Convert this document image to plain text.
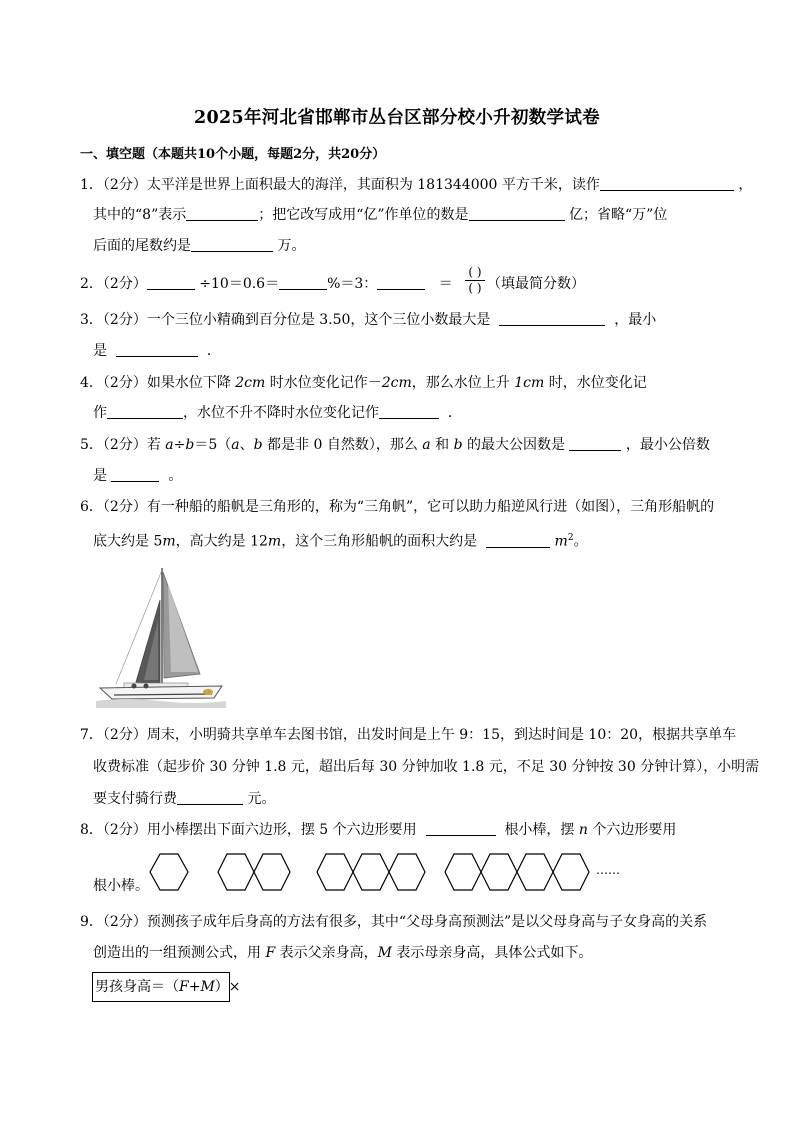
2025年河北省邯郸市丛台区部分校小升初数学试卷
一、填空题（本题共10个小题，每题2分，共20分）
1．（2分）太平洋是世界上面积最大的海洋，其面积为 181344000 平方千米，读作	，
其中的“8”表示	；把它改写成用“亿”作单位的数是	亿；省略“万”位
后面的尾数约是	万。
2．（2分）	÷10＝0.6＝	%＝3：	＝
( )
( ) （填最简分数）
3．（2分）一个三位小精确到百分位是 3.50，这个三位小数最大是	，最小
是	．
4．（2分）如果水位下降 2cm 时水位变化记作－2cm，那么水位上升 1cm 时，水位变化记
作	，水位不升不降时水位变化记作	．
5．（2分）若 a÷b＝5（a、b 都是非 0 自然数），那么 a 和 b 的最大公因数是	，最小公倍数
是	。
6．（2分）有一种船的船帆是三角形的，称为“三角帆”，它可以助力船逆风行进（如图），三角形船帆的
底大约是 5m，高大约是 12m，这个三角形船帆的面积大约是	$m^2$。
7．（2分）周末，小明骑共享单车去图书馆，出发时间是上午 9：15，到达时间是 10：20，根据共享单车
收费标准（起步价 30 分钟 1.8 元，超出后每 30 分钟加收 1.8 元，不足 30 分钟按 30 分钟计算），小明需
要支付骑行费	元。
8．（2分）用小棒摆出下面六边形，摆 5 个六边形要用	根小棒，摆 n 个六边形要用
……
根小棒。
9．（2分）预测孩子成年后身高的方法有很多，其中“父母身高预测法”是以父母身高与子女身高的关系
创造出的一组预测公式，用 F 表示父亲身高，M 表示母亲身高，具体公式如下。
男孩身高＝（F+M）×
